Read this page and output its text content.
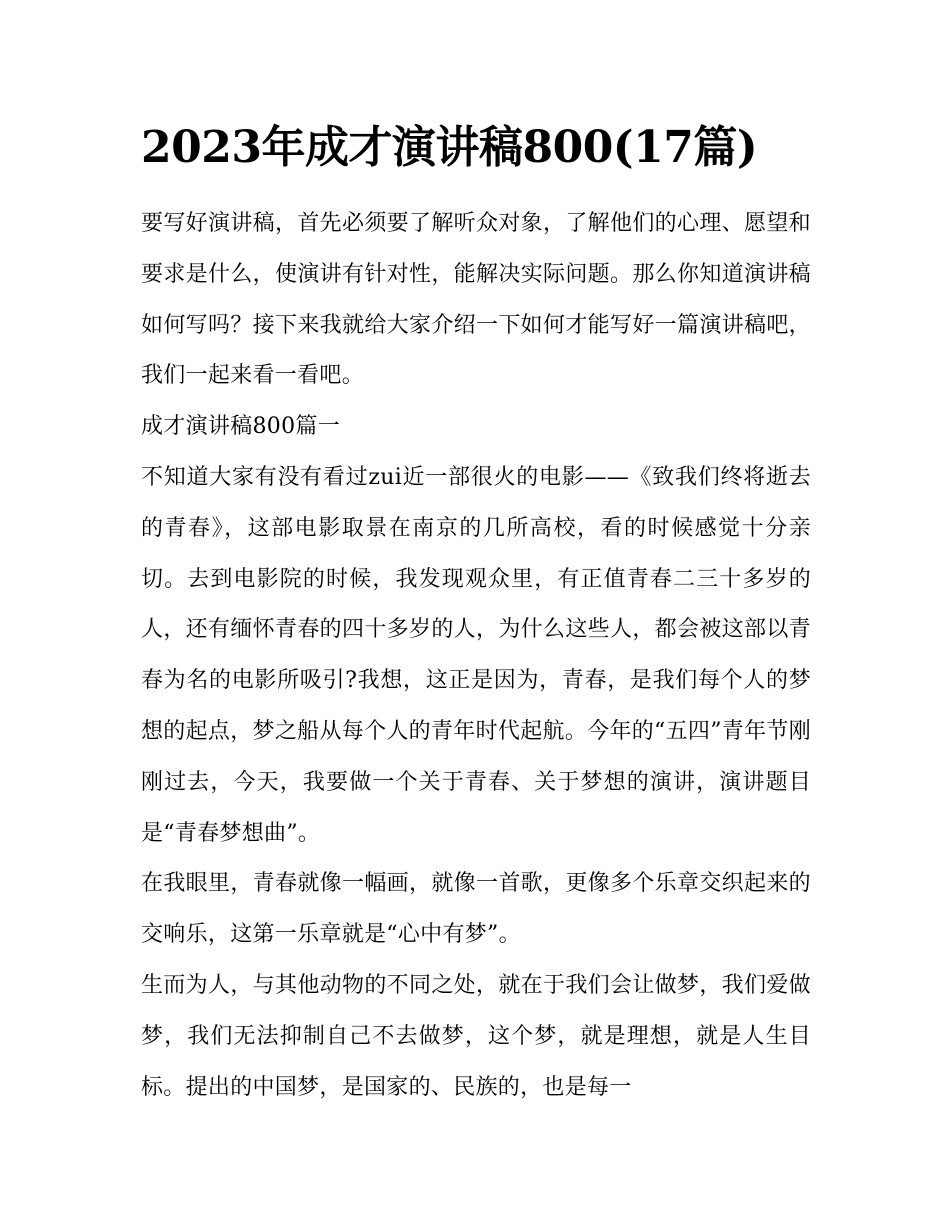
2023年成才演讲稿800(17篇)

要写好演讲稿，首先必须要了解听众对象，了解他们的心理、愿望和要求是什么，使演讲有针对性，能解决实际问题。那么你知道演讲稿如何写吗？接下来我就给大家介绍一下如何才能写好一篇演讲稿吧，我们一起来看一看吧。

成才演讲稿800篇一

不知道大家有没有看过zui近一部很火的电影——《致我们终将逝去的青春》，这部电影取景在南京的几所高校，看的时候感觉十分亲切。去到电影院的时候，我发现观众里，有正值青春二三十多岁的人，还有缅怀青春的四十多岁的人，为什么这些人，都会被这部以青春为名的电影所吸引?我想，这正是因为，青春，是我们每个人的梦想的起点，梦之船从每个人的青年时代起航。今年的“五四”青年节刚刚过去，今天，我要做一个关于青春、关于梦想的演讲，演讲题目是“青春梦想曲”。

在我眼里，青春就像一幅画，就像一首歌，更像多个乐章交织起来的交响乐，这第一乐章就是“心中有梦”。

生而为人，与其他动物的不同之处，就在于我们会让做梦，我们爱做梦，我们无法抑制自己不去做梦，这个梦，就是理想，就是人生目标。提出的中国梦，是国家的、民族的，也是每一
